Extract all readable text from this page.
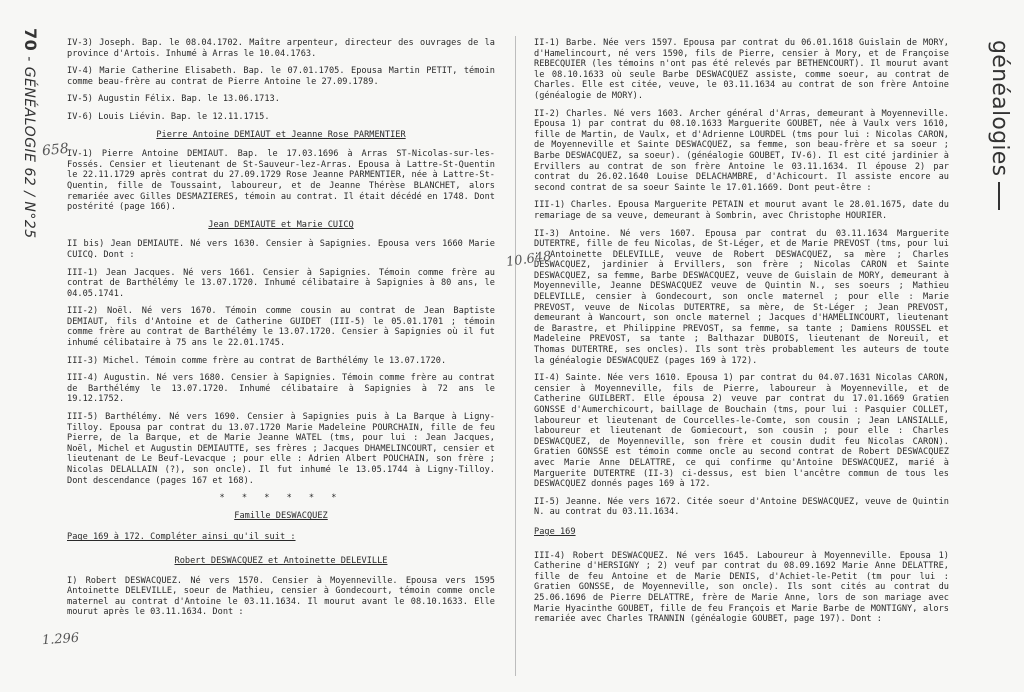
70 - GÉNÉALOGIE 62 / N°25	généalogies
IV-3) Joseph. Bap. le 08.04.1702. Maître arpenteur, directeur des ouvrages de la province d'Artois. Inhumé à Arras le 10.04.1763.
IV-4) Marie Catherine Elisabeth. Bap. le 07.01.1705. Epousa Martin PETIT, témoin comme beau-frère au contrat de Pierre Antoine le 27.09.1789.
IV-5) Augustin Félix. Bap. le 13.06.1713.
IV-6) Louis Liévin. Bap. le 12.11.1715.
Pierre Antoine DEMIAUT et Jeanne Rose PARMENTIER
IV-1) Pierre Antoine DEMIAUT. Bap. le 17.03.1696 à Arras ST-Nicolas-sur-les-Fossés. Censier et lieutenant de St-Sauveur-lez-Arras. Epousa à Lattre-St-Quentin le 22.11.1729 après contrat du 27.09.1729 Rose Jeanne PARMENTIER, née à Lattre-St-Quentin, fille de Toussaint, laboureur, et de Jeanne Thérèse BLANCHET, alors remariée avec Gilles DESMAZIERES, témoin au contrat. Il était décédé en 1748. Dont postérité (page 166).
Jean DEMIAUTE et Marie CUICQ
II bis) Jean DEMIAUTE. Né vers 1630. Censier à Sapignies. Epousa vers 1660 Marie CUICQ. Dont :
III-1) Jean Jacques. Né vers 1661. Censier à Sapignies. Témoin comme frère au contrat de Barthélémy le 13.07.1720. Inhumé célibataire à Sapignies à 80 ans, le 04.05.1741.
III-2) Noël. Né vers 1670. Témoin comme cousin au contrat de Jean Baptiste DEMIAUT, fils d'Antoine et de Catherine GUIDET (III-5) le 05.01.1701 ; témoin comme frère au contrat de Barthélémy le 13.07.1720. Censier à Sapignies où il fut inhumé célibataire à 75 ans le 22.01.1745.
III-3) Michel. Témoin comme frère au contrat de Barthélémy le 13.07.1720.
III-4) Augustin. Né vers 1680. Censier à Sapignies. Témoin comme frère au contrat de Barthélémy le 13.07.1720. Inhumé célibataire à Sapignies à 72 ans le 19.12.1752.
III-5) Barthélémy. Né vers 1690. Censier à Sapignies puis à La Barque à Ligny-Tilloy. Epousa par contrat du 13.07.1720 Marie Madeleine POURCHAIN, fille de feu Pierre, de la Barque, et de Marie Jeanne WATEL (tms, pour lui : Jean Jacques, Noël, Michel et Augustin DEMIAUTTE, ses frères ; Jacques DHAMELINCOURT, censier et lieutenant de Le Beuf-Levacque ; pour elle : Adrien Albert POUCHAIN, son frère ; Nicolas DELALLAIN (?), son oncle). Il fut inhumé le 13.05.1744 à Ligny-Tilloy. Dont descendance (pages 167 et 168).
* * * * * *
Famille DESWACQUEZ
Page 169 à 172. Compléter ainsi qu'il suit :
Robert DESWACQUEZ et Antoinette DELEVILLE
I) Robert DESWACQUEZ. Né vers 1570. Censier à Moyenneville. Epousa vers 1595 Antoinette DELEVILLE, soeur de Mathieu, censier à Gondecourt, témoin comme oncle maternel au contrat d'Antoine le 03.11.1634. Il mourut avant le 08.10.1633. Elle mourut après le 03.11.1634. Dont :
II-1) Barbe. Née vers 1597. Epousa par contrat du 06.01.1618 Guislain de MORY, d'Hamelincourt, né vers 1590, fils de Pierre, censier à Mory, et de Françoise REBECQUIER (les témoins n'ont pas été relevés par BETHENCOURT). Il mourut avant le 08.10.1633 où seule Barbe DESWACQUEZ assiste, comme soeur, au contrat de Charles. Elle est citée, veuve, le 03.11.1634 au contrat de son frère Antoine (généalogie de MORY).
II-2) Charles. Né vers 1603. Archer général d'Arras, demeurant à Moyenneville. Epousa 1) par contrat du 08.10.1633 Marguerite GOUBET, née à Vaulx vers 1610, fille de Martin, de Vaulx, et d'Adrienne LOURDEL (tms pour lui : Nicolas CARON, de Moyenneville et Sainte DESWACQUEZ, sa femme, son beau-frère et sa soeur ; Barbe DESWACQUEZ, sa soeur). (généalogie GOUBET, IV-6). Il est cité jardinier à Ervillers au contrat de son frère Antoine le 03.11.1634. Il épouse 2) par contrat du 26.02.1640 Louise DELACHAMBRE, d'Achicourt. Il assiste encore au second contrat de sa soeur Sainte le 17.01.1669. Dont peut-être :
III-1) Charles. Epousa Marguerite PETAIN et mourut avant le 28.01.1675, date du remariage de sa veuve, demeurant à Sombrin, avec Christophe HOURIER.
II-3) Antoine. Né vers 1607. Epousa par contrat du 03.11.1634 Marguerite DUTERTRE, fille de feu Nicolas, de St-Léger, et de Marie PREVOST (tms, pour lui : Antoinette DELEVILLE, veuve de Robert DESWACQUEZ, sa mère ; Charles DESWACQUEZ, jardinier à Ervillers, son frère ; Nicolas CARON et Sainte DESWACQUEZ, sa femme, Barbe DESWACQUEZ, veuve de Guislain de MORY, demeurant à Moyenneville, Jeanne DESWACQUEZ veuve de Quintin N., ses soeurs ; Mathieu DELEVILLE, censier à Gondecourt, son oncle maternel ; pour elle : Marie PREVOST, veuve de Nicolas DUTERTRE, sa mère, de St-Léger ; Jean PREVOST, demeurant à Wancourt, son oncle maternel ; Jacques d'HAMELINCOURT, lieutenant de Barastre, et Philippine PREVOST, sa femme, sa tante ; Damiens ROUSSEL et Madeleine PREVOST, sa tante ; Balthazar DUBOIS, lieutenant de Noreuil, et Thomas DUTERTRE, ses oncles). Ils sont très probablement les auteurs de toute la généalogie DESWACQUEZ (pages 169 à 172).
II-4) Sainte. Née vers 1610. Epousa 1) par contrat du 04.07.1631 Nicolas CARON, censier à Moyenneville, fils de Pierre, laboureur à Moyenneville, et de Catherine GUILBERT. Elle épousa 2) veuve par contrat du 17.01.1669 Gratien GONSSE d'Aumerchicourt, baillage de Bouchain (tms, pour lui : Pasquier COLLET, laboureur et lieutenant de Courcelles-le-Comte, son cousin ; Jean LANSIALLE, laboureur et lieutenant de Gomiecourt, son cousin ; pour elle : Charles DESWACQUEZ, de Moyenneville, son frère et cousin dudit feu Nicolas CARON). Gratien GONSSE est témoin comme oncle au second contrat de Robert DESWACQUEZ avec Marie Anne DELATTRE, ce qui confirme qu'Antoine DESWACQUEZ, marié à Marguerite DUTERTRE (II-3) ci-dessus, est bien l'ancêtre commun de tous les DESWACQUEZ donnés pages 169 à 172.
II-5) Jeanne. Née vers 1672. Citée soeur d'Antoine DESWACQUEZ, veuve de Quintin N. au contrat du 03.11.1634.
Page 169
III-4) Robert DESWACQUEZ. Né vers 1645. Laboureur à Moyenneville. Epousa 1) Catherine d'HERSIGNY ; 2) veuf par contrat du 08.09.1692 Marie Anne DELATTRE, fille de feu Antoine et de Marie DENIS, d'Achiet-le-Petit (tm pour lui : Gratien GONSSE, de Moyenneville, son oncle). Ils sont cités au contrat du 25.06.1696 de Pierre DELATTRE, frère de Marie Anne, lors de son mariage avec Marie Hyacinthe GOUBET, fille de feu François et Marie Barbe de MONTIGNY, alors remariée avec Charles TRANNIN (généalogie GOUBET, page 197). Dont :
658
1.296
10.648
